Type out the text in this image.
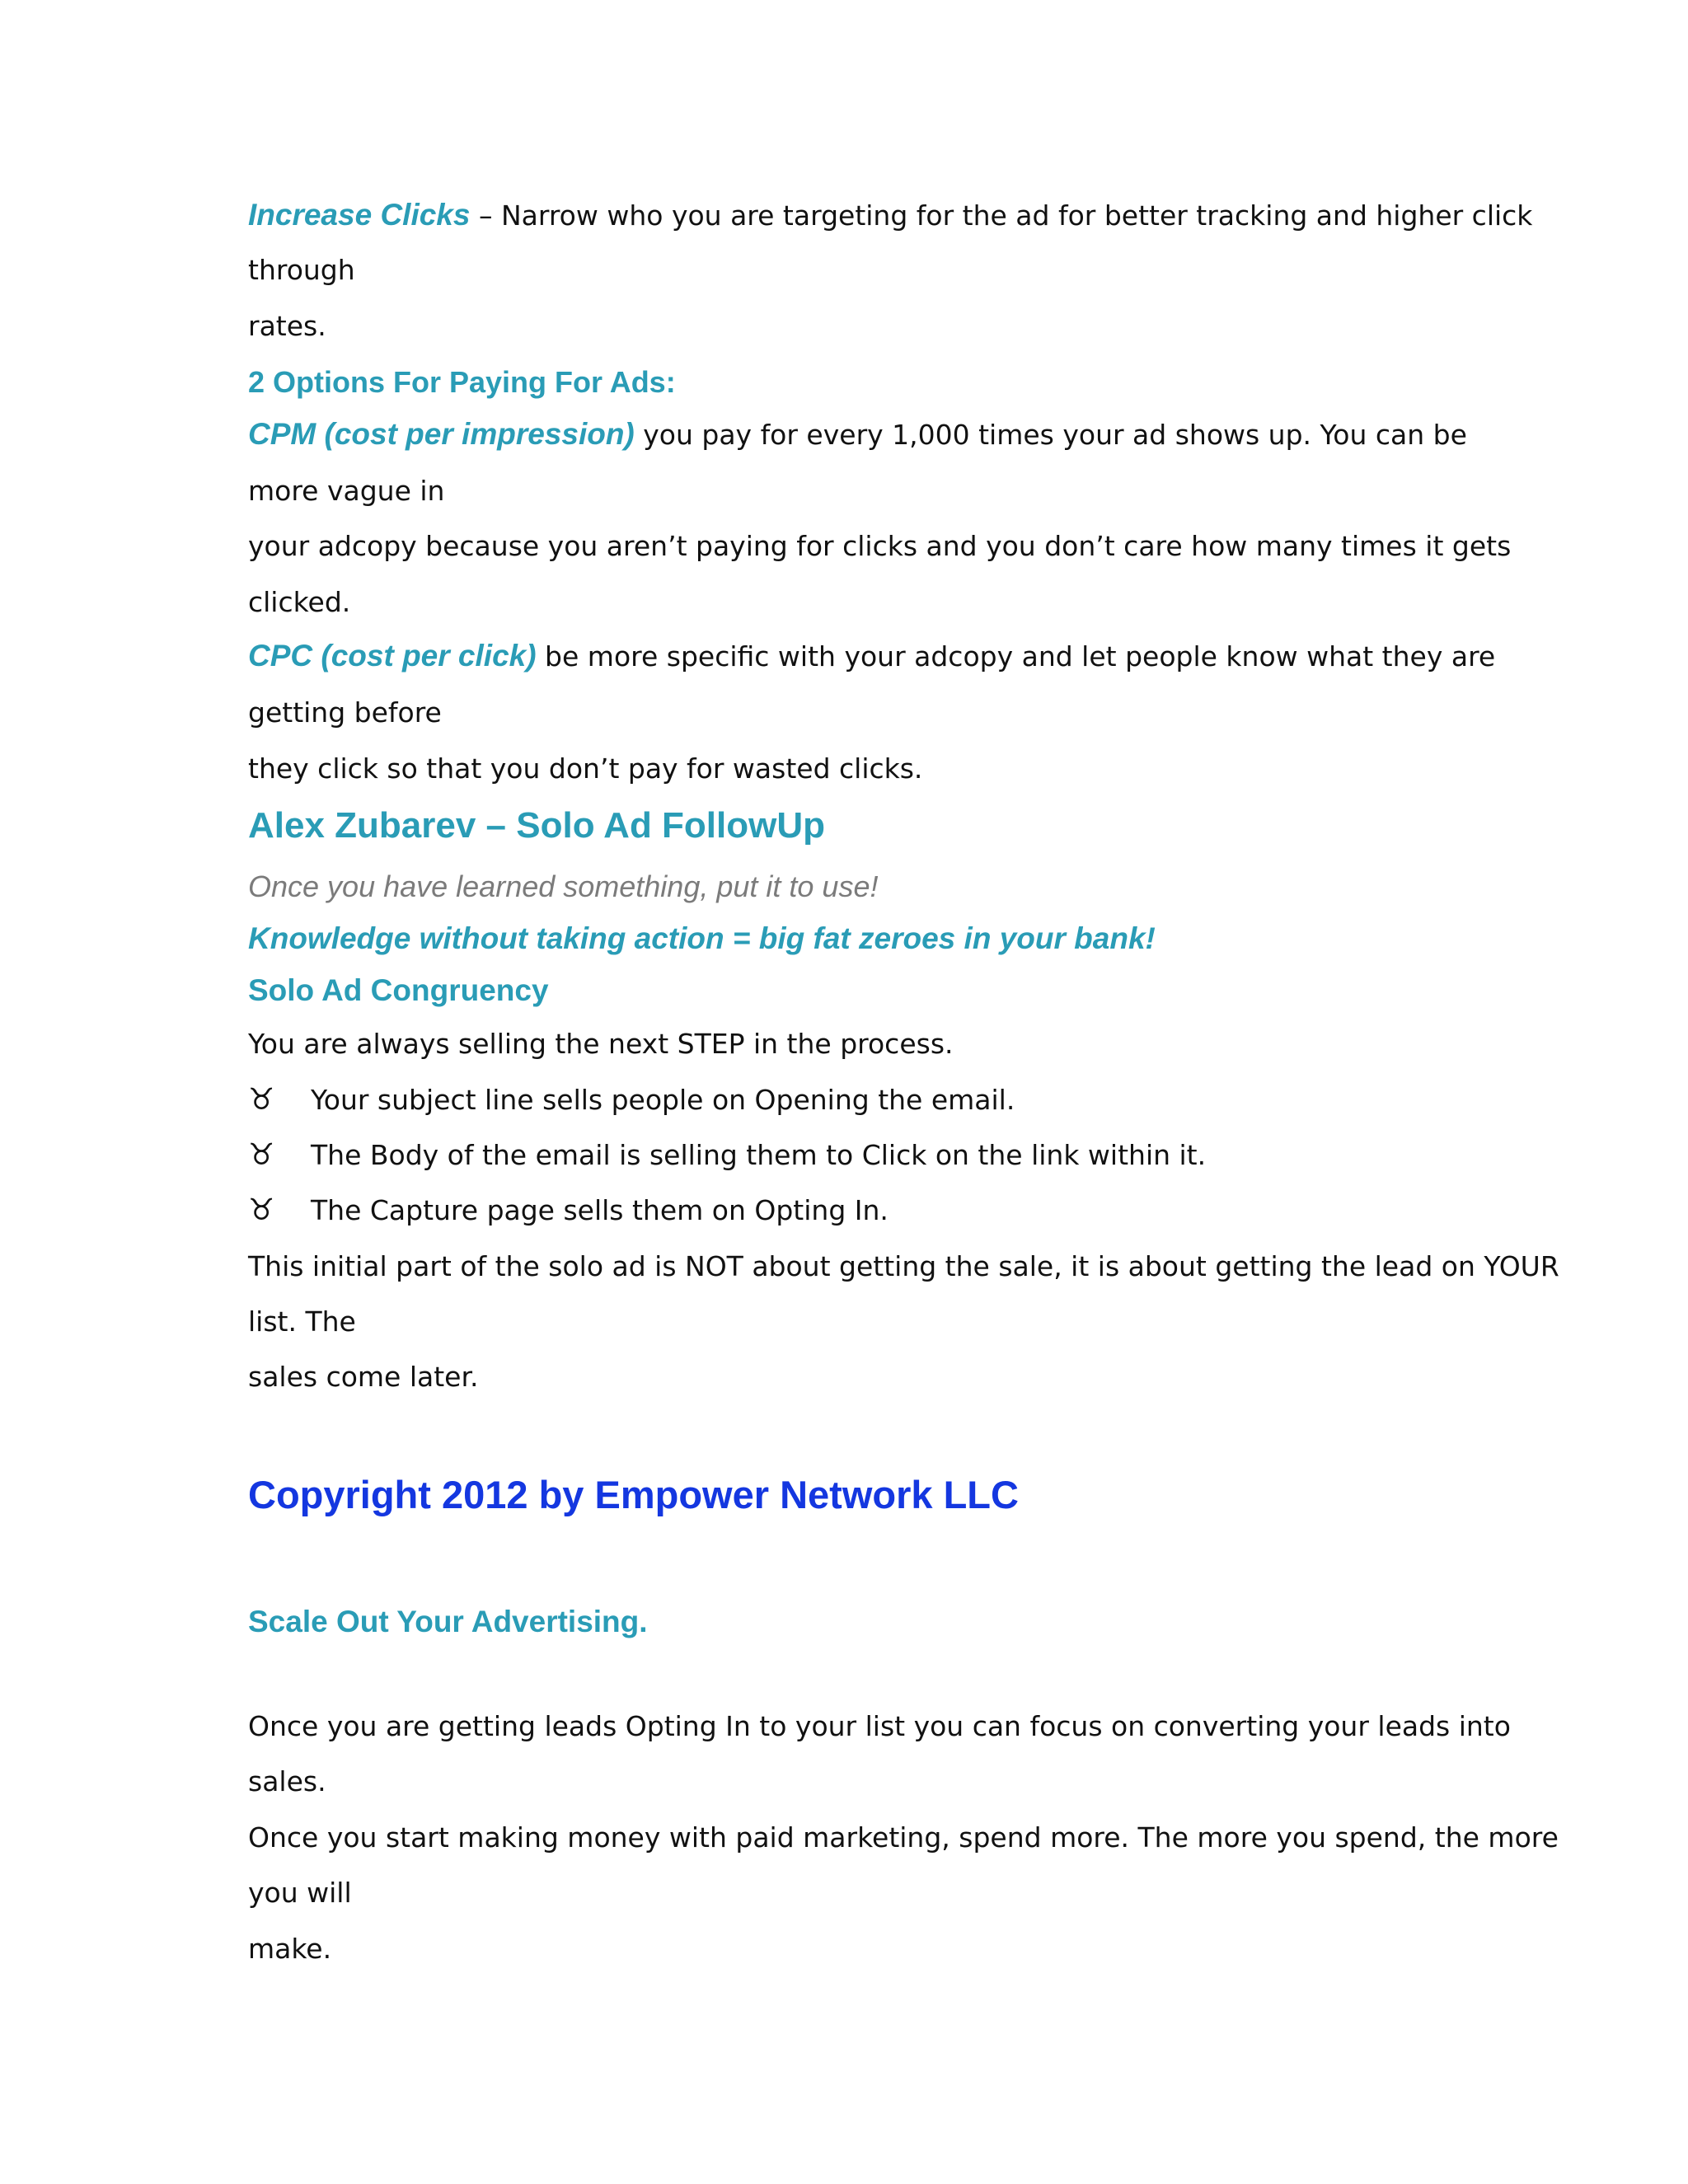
Increase Clicks – Narrow who you are targeting for the ad for better tracking and higher click

through

rates.

2 Options For Paying For Ads:

CPM (cost per impression) you pay for every 1,000 times your ad shows up. You can be

more vague in

your adcopy because you aren’t paying for clicks and you don’t care how many times it gets

clicked.

CPC (cost per click) be more specific with your adcopy and let people know what they are

getting before

they click so that you don’t pay for wasted clicks.

Alex Zubarev – Solo Ad FollowUp

Once you have learned something, put it to use!

Knowledge without taking action = big fat zeroes in your bank!

Solo Ad Congruency

You are always selling the next STEP in the process.

♉ Your subject line sells people on Opening the email.

♉ The Body of the email is selling them to Click on the link within it.

♉ The Capture page sells them on Opting In.

This initial part of the solo ad is NOT about getting the sale, it is about getting the lead on YOUR

list. The

sales come later.

Copyright 2012 by Empower Network LLC

Scale Out Your Advertising.

Once you are getting leads Opting In to your list you can focus on converting your leads into

sales.

Once you start making money with paid marketing, spend more. The more you spend, the more

you will

make.
